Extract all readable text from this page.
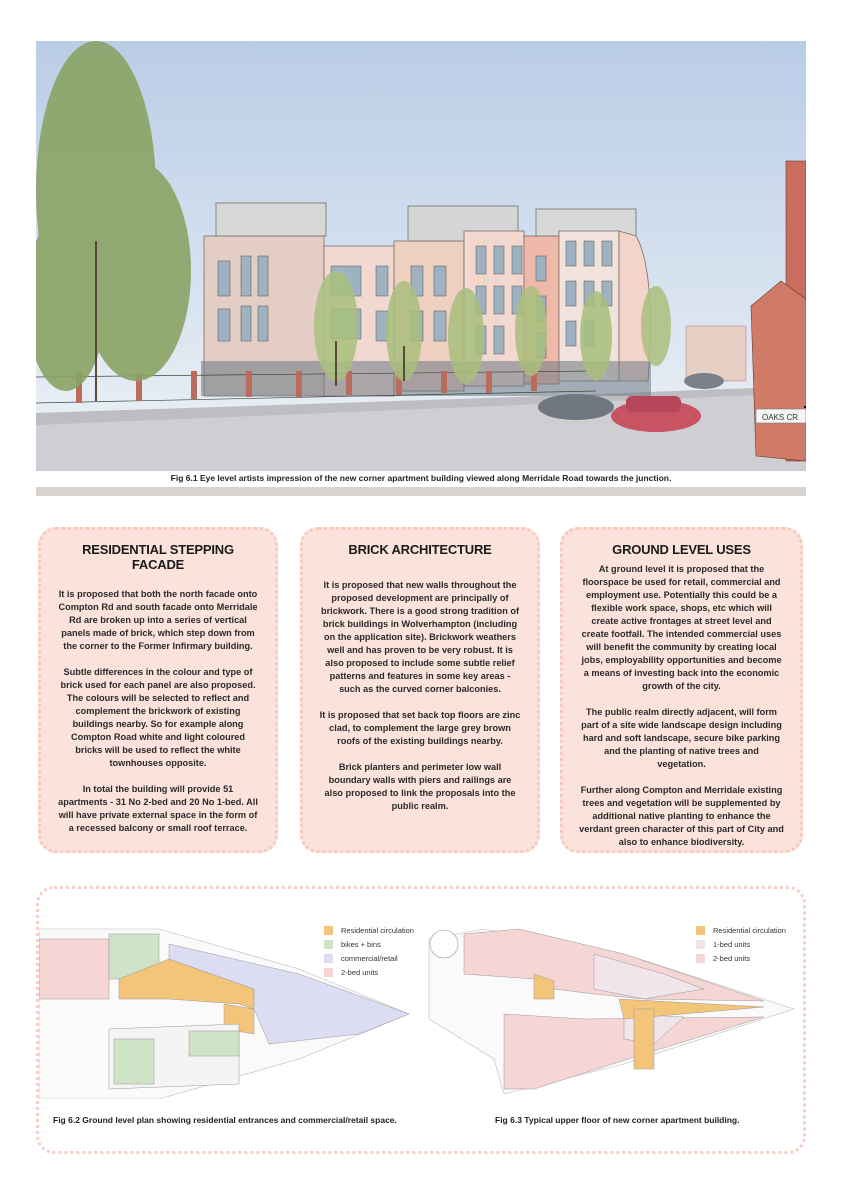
OAKS CR
Fig 6.1 Eye level artists impression of the new corner apartment building viewed along Merridale Road towards the junction.
RESIDENTIAL STEPPING FACADE

It is proposed that both the north facade onto Compton Rd and south facade onto Merridale Rd are broken up into a series of vertical panels made of brick, which step down from the corner to the Former Infirmary building.

Subtle differences in the colour and type of brick used for each panel are also proposed. The colours will be selected to reflect and complement the brickwork of existing buildings nearby. So for example along Compton Road white and light coloured bricks will be used to reflect the white townhouses opposite.

In total the building will provide 51 apartments - 31 No 2-bed and 20 No 1-bed. All will have private external space in the form of a recessed balcony or small roof terrace.

BRICK ARCHITECTURE

It is proposed that new walls throughout the proposed development are principally of brickwork. There is a good strong tradition of brick buildings in Wolverhampton (including on the application site). Brickwork weathers well and has proven to be very robust. It is also proposed to include some subtle relief patterns and features in some key areas - such as the curved corner balconies.

It is proposed that set back top floors are zinc clad, to complement the large grey brown roofs of the existing buildings nearby.

Brick planters and perimeter low wall boundary walls with piers and railings are also proposed to link the proposals into the public realm.

GROUND LEVEL USES

At ground level it is proposed that the floorspace be used for retail, commercial and employment use. Potentially this could be a flexible work space, shops, etc which will create active frontages at street level and create footfall. The intended commercial uses will benefit the community by creating local jobs, employability opportunities and become a means of investing back into the economic growth of the city.

The public realm directly adjacent, will form part of a site wide landscape design including hard and soft landscape, secure bike parking and the planting of native trees and vegetation.

Further along Compton and Merridale existing trees and vegetation will be supplemented by additional native planting to enhance the verdant green character of this part of City and also to enhance biodiversity.

Residential circulation
bikes + bins
commercial/retail
2-bed units
Fig 6.2 Ground level plan showing residential entrances and commercial/retail space.
Residential circulation
1-bed units
2-bed units
Fig 6.3 Typical upper floor of new corner apartment building.
